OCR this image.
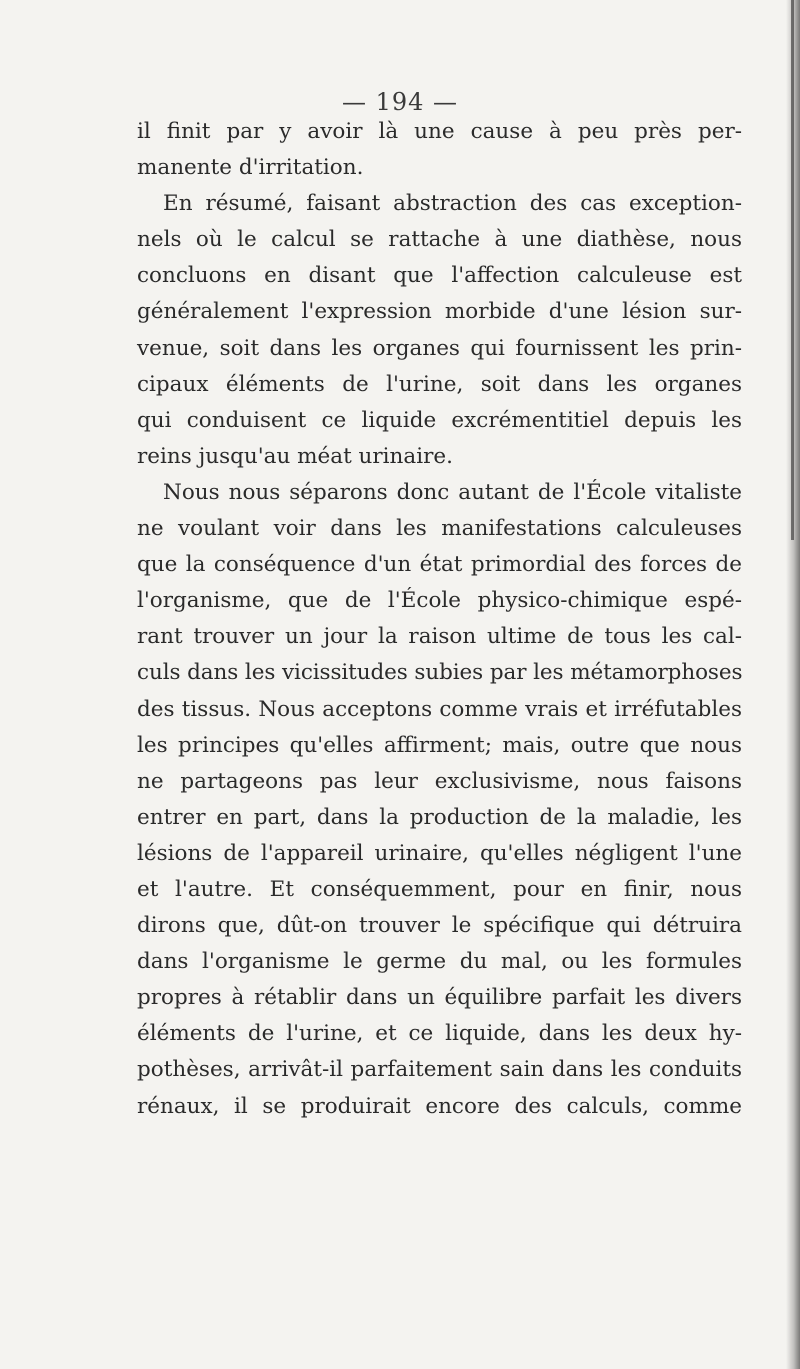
— 194 —
il finit par y avoir là une cause à peu près per-
manente d'irritation.
En résumé, faisant abstraction des cas exception-
nels où le calcul se rattache à une diathèse, nous
concluons en disant que l'affection calculeuse est
généralement l'expression morbide d'une lésion sur-
venue, soit dans les organes qui fournissent les prin-
cipaux éléments de l'urine, soit dans les organes
qui conduisent ce liquide excrémentitiel depuis les
reins jusqu'au méat urinaire.
Nous nous séparons donc autant de l'École vitaliste
ne voulant voir dans les manifestations calculeuses
que la conséquence d'un état primordial des forces de
l'organisme, que de l'École physico-chimique espé-
rant trouver un jour la raison ultime de tous les cal-
culs dans les vicissitudes subies par les métamorphoses
des tissus. Nous acceptons comme vrais et irréfutables
les principes qu'elles affirment; mais, outre que nous
ne partageons pas leur exclusivisme, nous faisons
entrer en part, dans la production de la maladie, les
lésions de l'appareil urinaire, qu'elles négligent l'une
et l'autre. Et conséquemment, pour en finir, nous
dirons que, dût-on trouver le spécifique qui détruira
dans l'organisme le germe du mal, ou les formules
propres à rétablir dans un équilibre parfait les divers
éléments de l'urine, et ce liquide, dans les deux hy-
pothèses, arrivât-il parfaitement sain dans les conduits
rénaux, il se produirait encore des calculs, comme
